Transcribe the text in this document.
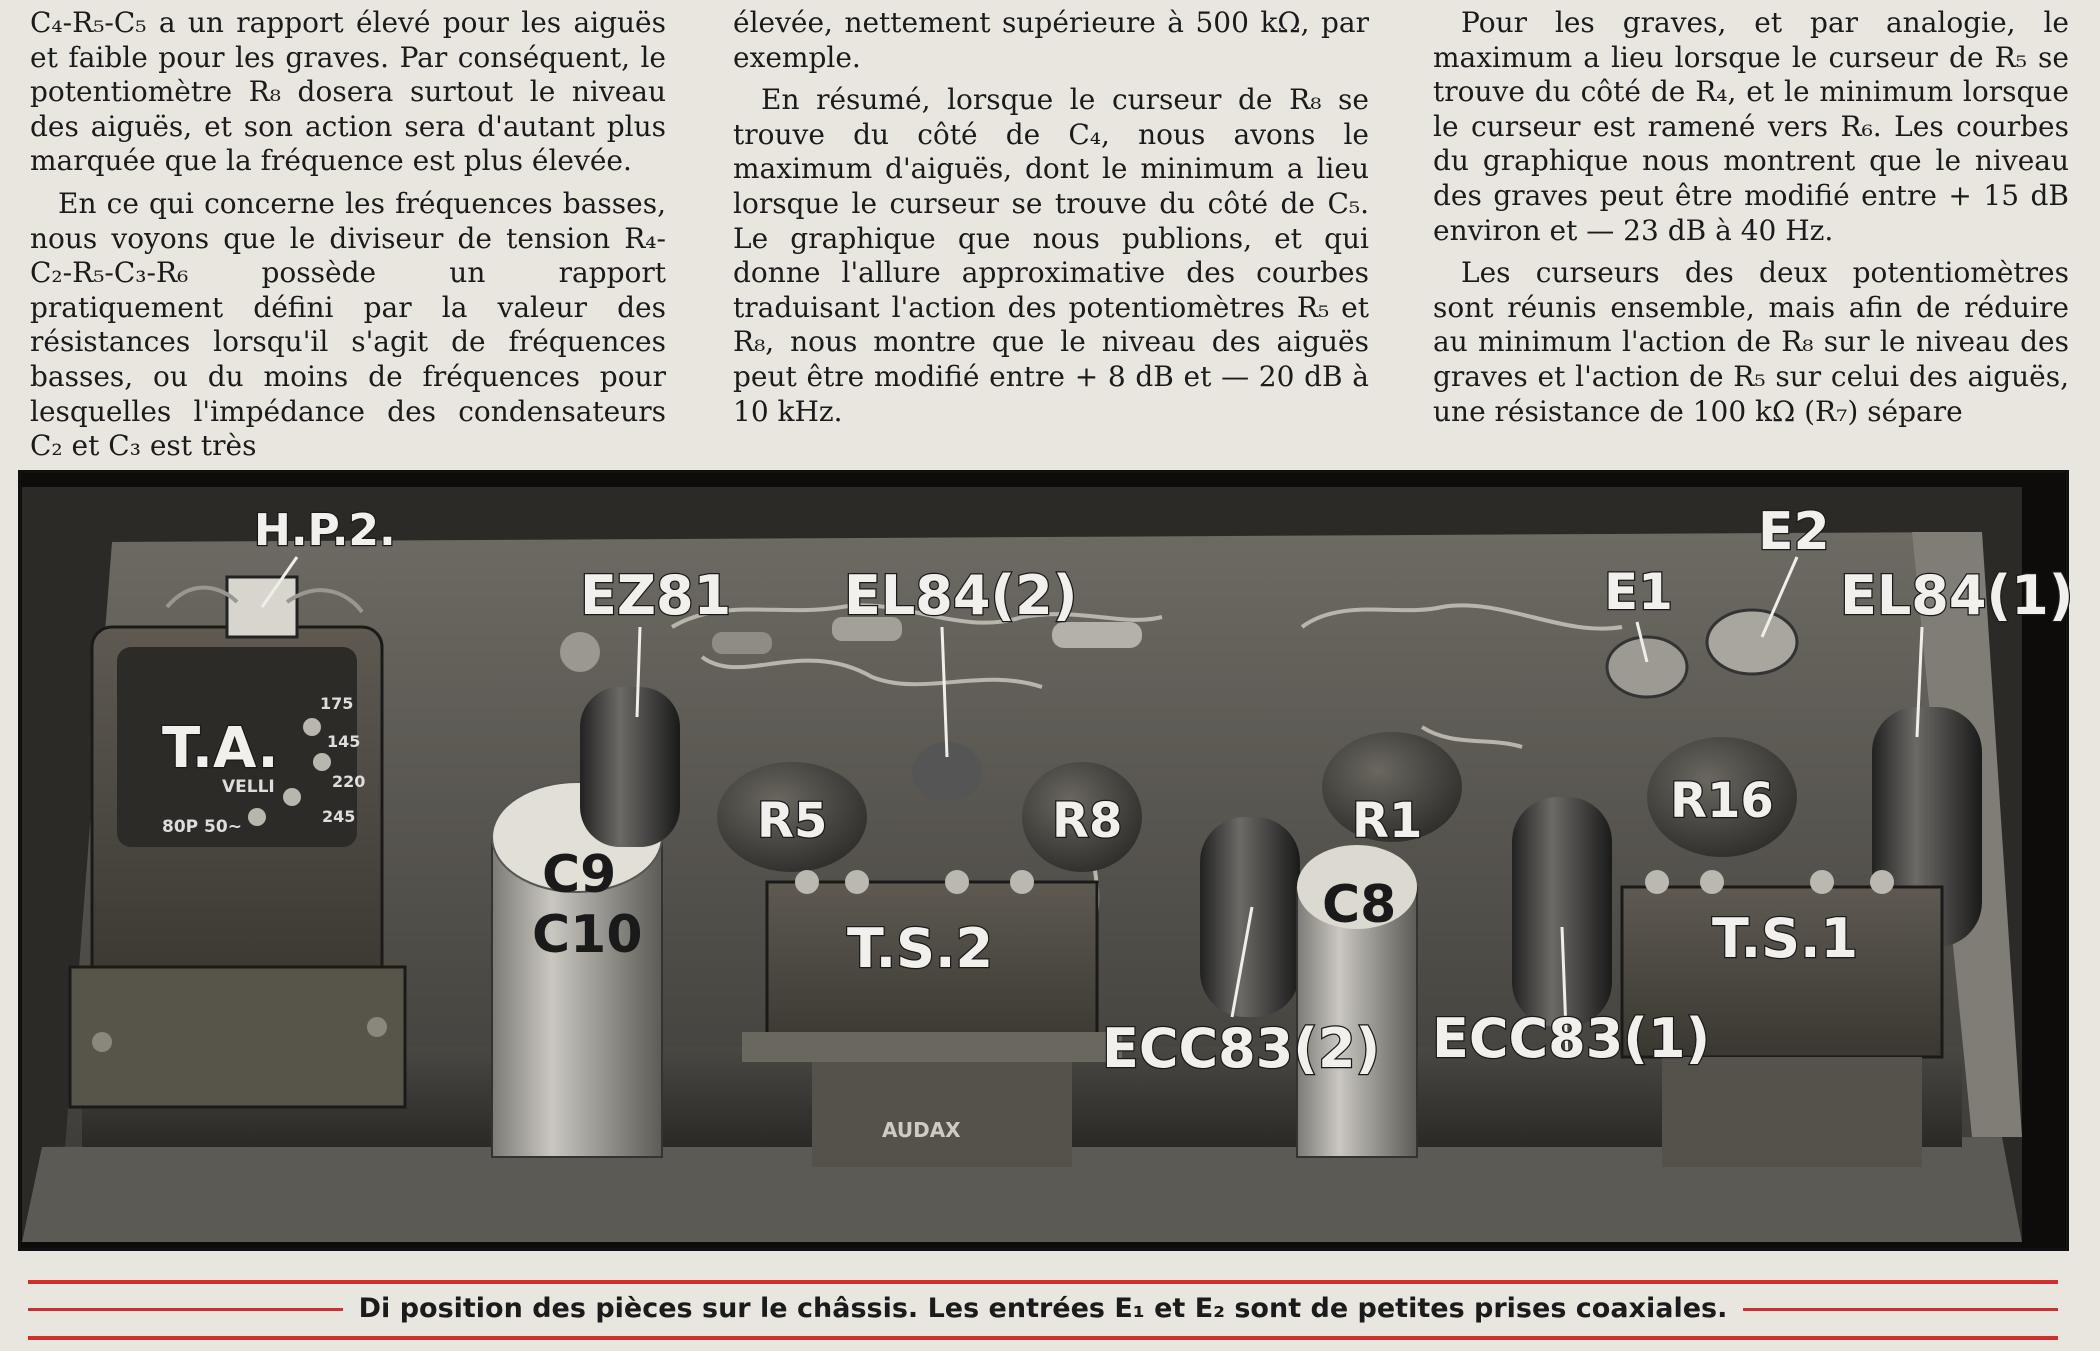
C₄-R₅-C₅ a un rapport élevé pour les aiguës et faible pour les graves. Par conséquent, le potentiomètre R₈ dosera surtout le niveau des aiguës, et son action sera d'autant plus marquée que la fréquence est plus élevée.

En ce qui concerne les fréquences basses, nous voyons que le diviseur de tension R₄-C₂-R₅-C₃-R₆ possède un rapport pratiquement défini par la valeur des résistances lorsqu'il s'agit de fréquences basses, ou du moins de fréquences pour lesquelles l'impédance des condensateurs C₂ et C₃ est très

élevée, nettement supérieure à 500 kΩ, par exemple.

En résumé, lorsque le curseur de R₈ se trouve du côté de C₄, nous avons le maximum d'aiguës, dont le minimum a lieu lorsque le curseur se trouve du côté de C₅. Le graphique que nous publions, et qui donne l'allure approximative des courbes traduisant l'action des potentiomètres R₅ et R₈, nous montre que le niveau des aiguës peut être modifié entre + 8 dB et — 20 dB à 10 kHz.

Pour les graves, et par analogie, le maximum a lieu lorsque le curseur de R₅ se trouve du côté de R₄, et le minimum lorsque le curseur est ramené vers R₆. Les courbes du graphique nous montrent que le niveau des graves peut être modifié entre + 15 dB environ et — 23 dB à 40 Hz.

Les curseurs des deux potentiomètres sont réunis ensemble, mais afin de réduire au minimum l'action de R₈ sur le niveau des graves et l'action de R₅ sur celui des aiguës, une résistance de 100 kΩ (R₇) sépare

175
145
220
245
VELLI
80P 50~
AUDAX
H.P.2.
T.A.
EZ81 EL84(2)	E1
E2
EL84(1)
R5	R8	R1	R16
C9
C10	C8
T.S.2	T.S.1
ECC83(2) ECC83(1)
Di position des pièces sur le châssis. Les entrées E₁ et E₂ sont de petites prises coaxiales.
